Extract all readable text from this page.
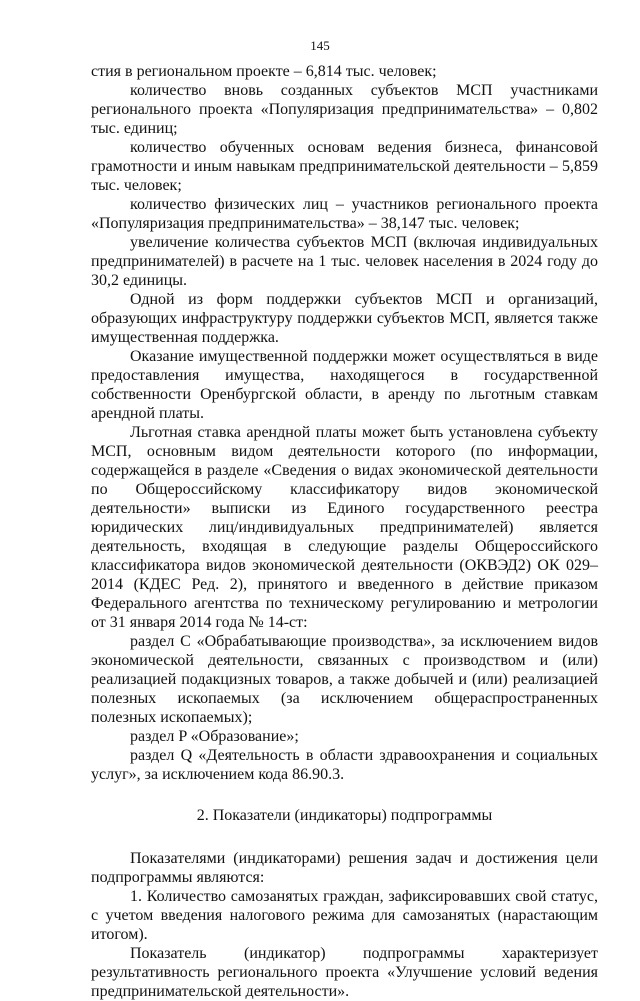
145

стия в региональном проекте – 6,814 тыс. человек;

количество вновь созданных субъектов МСП участниками регионального проекта «Популяризация предпринимательства» – 0,802 тыс. единиц;

количество обученных основам ведения бизнеса, финансовой грамотности и иным навыкам предпринимательской деятельности – 5,859 тыс. человек;

количество физических лиц – участников регионального проекта «Популяризация предпринимательства» – 38,147 тыс. человек;

увеличение количества субъектов МСП (включая индивидуальных предпринимателей) в расчете на 1 тыс. человек населения в 2024 году до 30,2 единицы.

Одной из форм поддержки субъектов МСП и организаций, образующих инфраструктуру поддержки субъектов МСП, является также имущественная поддержка.

Оказание имущественной поддержки может осуществляться в виде предоставления имущества, находящегося в государственной собственности Оренбургской области, в аренду по льготным ставкам арендной платы.

Льготная ставка арендной платы может быть установлена субъекту МСП, основным видом деятельности которого (по информации, содержащейся в разделе «Сведения о видах экономической деятельности по Общероссийскому классификатору видов экономической деятельности» выписки из Единого государственного реестра юридических лиц/индивидуальных предпринимателей) является деятельность, входящая в следующие разделы Общероссийского классификатора видов экономической деятельности (ОКВЭД2) ОК 029–2014 (КДЕС Ред. 2), принятого и введенного в действие приказом Федерального агентства по техническому регулированию и метрологии от 31 января 2014 года № 14-ст:

раздел C «Обрабатывающие производства», за исключением видов экономической деятельности, связанных с производством и (или) реализацией подакцизных товаров, а также добычей и (или) реализацией полезных ископаемых (за исключением общераспространенных полезных ископаемых);

раздел P «Образование»;

раздел Q «Деятельность в области здравоохранения и социальных услуг», за исключением кода 86.90.3.

2. Показатели (индикаторы) подпрограммы

Показателями (индикаторами) решения задач и достижения цели подпрограммы являются:

1. Количество самозанятых граждан, зафиксировавших свой статус, с учетом введения налогового режима для самозанятых (нарастающим итогом).

Показатель (индикатор) подпрограммы характеризует результативность регионального проекта «Улучшение условий ведения предпринимательской деятельности».
